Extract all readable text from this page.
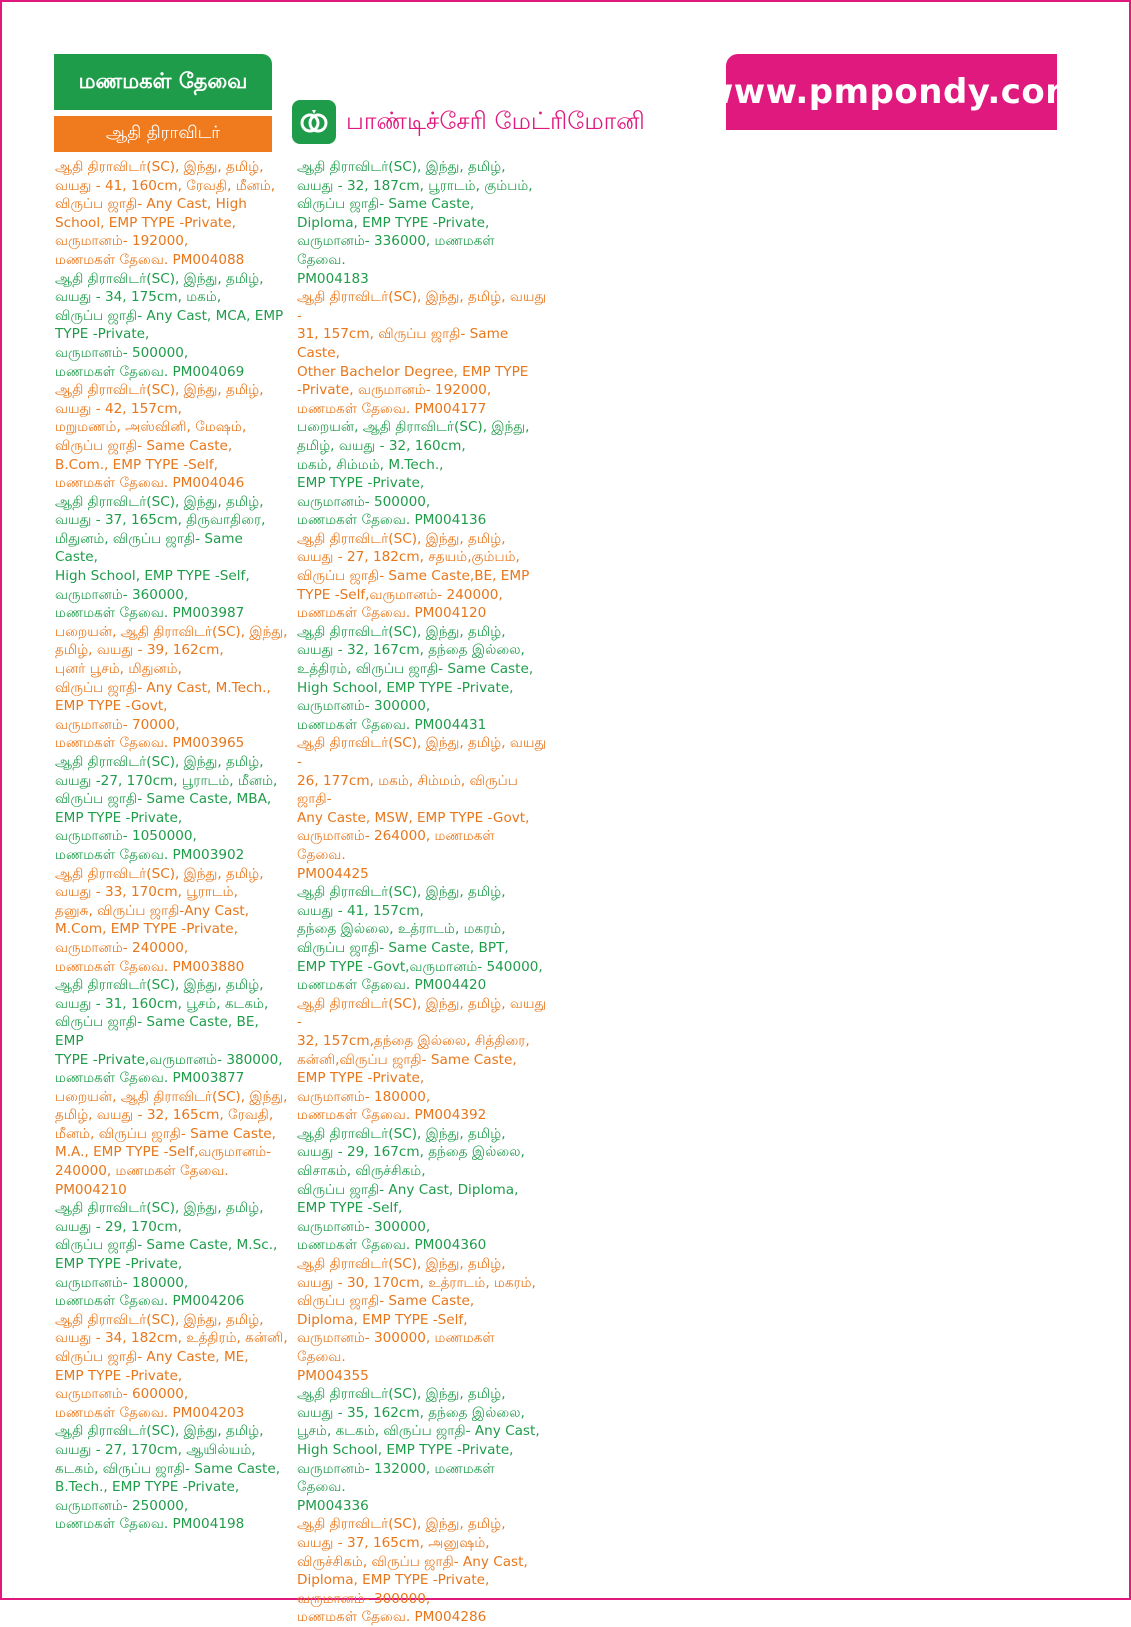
மணமகள் தேவை
ஆதி திராவிடர்	பாண்டிச்சேரி மேட்ரிமோனி
www.pmpondy.com
ஆதி திராவிடர்(SC), இந்து, தமிழ்,
வயது - 41, 160cm, ரேவதி, மீனம்,
விருப்ப ஜாதி- Any Cast, High
School, EMP TYPE -Private,
வருமானம்- 192000,
மணமகள் தேவை. PM004088
ஆதி திராவிடர்(SC), இந்து, தமிழ்,
வயது - 34, 175cm, மகம்,
விருப்ப ஜாதி- Any Cast, MCA, EMP
TYPE -Private,
வருமானம்- 500000,
மணமகள் தேவை. PM004069
ஆதி திராவிடர்(SC), இந்து, தமிழ்,
வயது - 42, 157cm,
மறுமணம், அஸ்வினி, மேஷம்,
விருப்ப ஜாதி- Same Caste,
B.Com., EMP TYPE -Self,
மணமகள் தேவை. PM004046
ஆதி திராவிடர்(SC), இந்து, தமிழ்,
வயது - 37, 165cm, திருவாதிரை,
மிதுனம், விருப்ப ஜாதி- Same Caste,
High School, EMP TYPE -Self,
வருமானம்- 360000,
மணமகள் தேவை. PM003987
பறையன், ஆதி திராவிடர்(SC), இந்து,
தமிழ், வயது - 39, 162cm,
புனர் பூசம், மிதுனம்,
விருப்ப ஜாதி- Any Cast, M.Tech.,
EMP TYPE -Govt,
வருமானம்- 70000,
மணமகள் தேவை. PM003965
ஆதி திராவிடர்(SC), இந்து, தமிழ்,
வயது -27, 170cm, பூராடம், மீனம்,
விருப்ப ஜாதி- Same Caste, MBA,
EMP TYPE -Private,
வருமானம்- 1050000,
மணமகள் தேவை. PM003902
ஆதி திராவிடர்(SC), இந்து, தமிழ்,
வயது - 33, 170cm, பூராடம்,
தனுசு, விருப்ப ஜாதி-Any Cast,
M.Com, EMP TYPE -Private,
வருமானம்- 240000,
மணமகள் தேவை. PM003880
ஆதி திராவிடர்(SC), இந்து, தமிழ்,
வயது - 31, 160cm, பூசம், கடகம்,
விருப்ப ஜாதி- Same Caste, BE, EMP
TYPE -Private,வருமானம்- 380000,
மணமகள் தேவை. PM003877
பறையன், ஆதி திராவிடர்(SC), இந்து,
தமிழ், வயது - 32, 165cm, ரேவதி,
மீனம், விருப்ப ஜாதி- Same Caste,
M.A., EMP TYPE -Self,வருமானம்-
240000, மணமகள் தேவை.
PM004210
ஆதி திராவிடர்(SC), இந்து, தமிழ்,
வயது - 29, 170cm,
விருப்ப ஜாதி- Same Caste, M.Sc.,
EMP TYPE -Private,
வருமானம்- 180000,
மணமகள் தேவை. PM004206
ஆதி திராவிடர்(SC), இந்து, தமிழ்,
வயது - 34, 182cm, உத்திரம், கன்னி,
விருப்ப ஜாதி- Any Caste, ME,
EMP TYPE -Private,
வருமானம்- 600000,
மணமகள் தேவை. PM004203
ஆதி திராவிடர்(SC), இந்து, தமிழ்,
வயது - 27, 170cm, ஆயில்யம்,
கடகம், விருப்ப ஜாதி- Same Caste,
B.Tech., EMP TYPE -Private,
வருமானம்- 250000,
மணமகள் தேவை. PM004198
ஆதி திராவிடர்(SC), இந்து, தமிழ்,
வயது - 32, 187cm, பூராடம், கும்பம்,
விருப்ப ஜாதி- Same Caste,
Diploma, EMP TYPE -Private,
வருமானம்- 336000, மணமகள் தேவை.
PM004183
ஆதி திராவிடர்(SC), இந்து, தமிழ், வயது -
31, 157cm, விருப்ப ஜாதி- Same Caste,
Other Bachelor Degree, EMP TYPE
-Private, வருமானம்- 192000,
மணமகள் தேவை. PM004177
பறையன், ஆதி திராவிடர்(SC), இந்து,
தமிழ், வயது - 32, 160cm,
மகம், சிம்மம், M.Tech.,
EMP TYPE -Private,
வருமானம்- 500000,
மணமகள் தேவை. PM004136
ஆதி திராவிடர்(SC), இந்து, தமிழ்,
வயது - 27, 182cm, சதயம்,கும்பம்,
விருப்ப ஜாதி- Same Caste,BE, EMP
TYPE -Self,வருமானம்- 240000,
மணமகள் தேவை. PM004120
ஆதி திராவிடர்(SC), இந்து, தமிழ்,
வயது - 32, 167cm, தந்தை இல்லை,
உத்திரம், விருப்ப ஜாதி- Same Caste,
High School, EMP TYPE -Private,
வருமானம்- 300000,
மணமகள் தேவை. PM004431
ஆதி திராவிடர்(SC), இந்து, தமிழ், வயது -
26, 177cm, மகம், சிம்மம், விருப்ப ஜாதி-
Any Caste, MSW, EMP TYPE -Govt,
வருமானம்- 264000, மணமகள் தேவை.
PM004425
ஆதி திராவிடர்(SC), இந்து, தமிழ்,
வயது - 41, 157cm,
தந்தை இல்லை, உத்ராடம், மகரம்,
விருப்ப ஜாதி- Same Caste, BPT,
EMP TYPE -Govt,வருமானம்- 540000,
மணமகள் தேவை. PM004420
ஆதி திராவிடர்(SC), இந்து, தமிழ், வயது -
32, 157cm,தந்தை இல்லை, சித்திரை,
கன்னி,விருப்ப ஜாதி- Same Caste,
EMP TYPE -Private,
வருமானம்- 180000,
மணமகள் தேவை. PM004392
ஆதி திராவிடர்(SC), இந்து, தமிழ்,
வயது - 29, 167cm, தந்தை இல்லை,
விசாகம், விருச்சிகம்,
விருப்ப ஜாதி- Any Cast, Diploma,
EMP TYPE -Self,
வருமானம்- 300000,
மணமகள் தேவை. PM004360
ஆதி திராவிடர்(SC), இந்து, தமிழ்,
வயது - 30, 170cm, உத்ராடம், மகரம்,
விருப்ப ஜாதி- Same Caste,
Diploma, EMP TYPE -Self,
வருமானம்- 300000, மணமகள் தேவை.
PM004355
ஆதி திராவிடர்(SC), இந்து, தமிழ்,
வயது - 35, 162cm, தந்தை இல்லை,
பூசம், கடகம், விருப்ப ஜாதி- Any Cast,
High School, EMP TYPE -Private,
வருமானம்- 132000, மணமகள் தேவை.
PM004336
ஆதி திராவிடர்(SC), இந்து, தமிழ்,
வயது - 37, 165cm, அனுஷம்,
விருச்சிகம், விருப்ப ஜாதி- Any Cast,
Diploma, EMP TYPE -Private,
வருமானம்- 300000,
மணமகள் தேவை. PM004286
